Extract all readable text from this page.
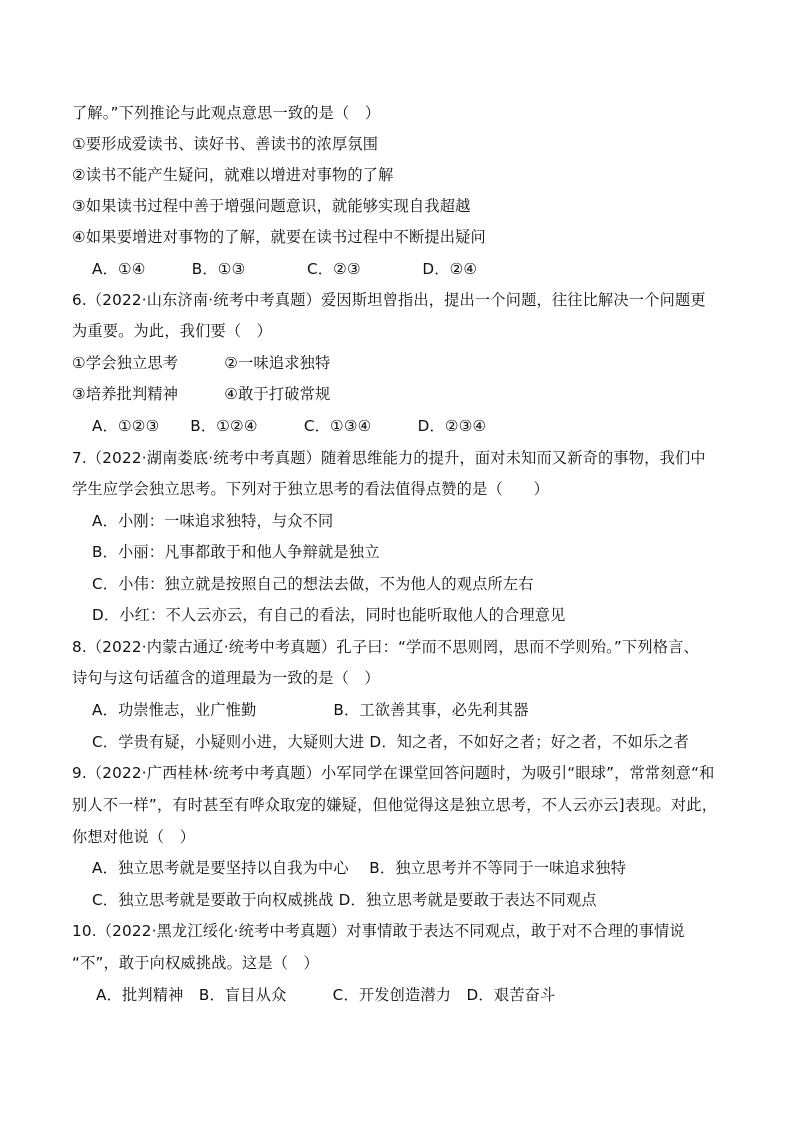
了解。”下列推论与此观点意思一致的是（　）
①要形成爱读书、读好书、善读书的浓厚氛围
②读书不能产生疑问，就难以增进对事物的了解
③如果读书过程中善于增强问题意识，就能够实现自我超越
④如果要增进对事物的了解，就要在读书过程中不断提出疑问
A．①④　　　B．①③　　　　C．②③　　　　D．②④
6.（2022·山东济南·统考中考真题）爱因斯坦曾指出，提出一个问题，往往比解决一个问题更
为重要。为此，我们要（　）
①学会独立思考　　　②一味追求独特
③培养批判精神　　　④敢于打破常规
A．①②③　　B．①②④　　　C．①③④　　　D．②③④
7.（2022·湖南娄底·统考中考真题）随着思维能力的提升，面对未知而又新奇的事物，我们中
学生应学会独立思考。下列对于独立思考的看法值得点赞的是（　　）
A．小刚：一味追求独特，与众不同
B．小丽：凡事都敢于和他人争辩就是独立
C．小伟：独立就是按照自己的想法去做，不为他人的观点所左右
D．小红：不人云亦云，有自己的看法，同时也能听取他人的合理意见
8.（2022·内蒙古通辽·统考中考真题）孔子曰：“学而不思则罔，思而不学则殆。”下列格言、
诗句与这句话蕴含的道理最为一致的是（　）
A．功崇惟志，业广惟勤　　　　　B．工欲善其事，必先利其器
C．学贵有疑，小疑则小进，大疑则大进 D．知之者，不如好之者；好之者，不如乐之者
9.（2022·广西桂林·统考中考真题）小军同学在课堂回答问题时，为吸引“眼球”，常常刻意“和
别人不一样”，有时甚至有哗众取宠的嫌疑，但他觉得这是独立思考，不人云亦云]表现。对此，
你想对他说（　）
A．独立思考就是要坚持以自我为中心　 B．独立思考并不等同于一味追求独特
C．独立思考就是要敢于向权威挑战 D．独立思考就是要敢于表达不同观点
10.（2022·黑龙江绥化·统考中考真题）对事情敢于表达不同观点，敢于对不合理的事情说
“不”，敢于向权威挑战。这是（　）
A．批判精神　B．盲目从众　　　C．开发创造潜力　D．艰苦奋斗
